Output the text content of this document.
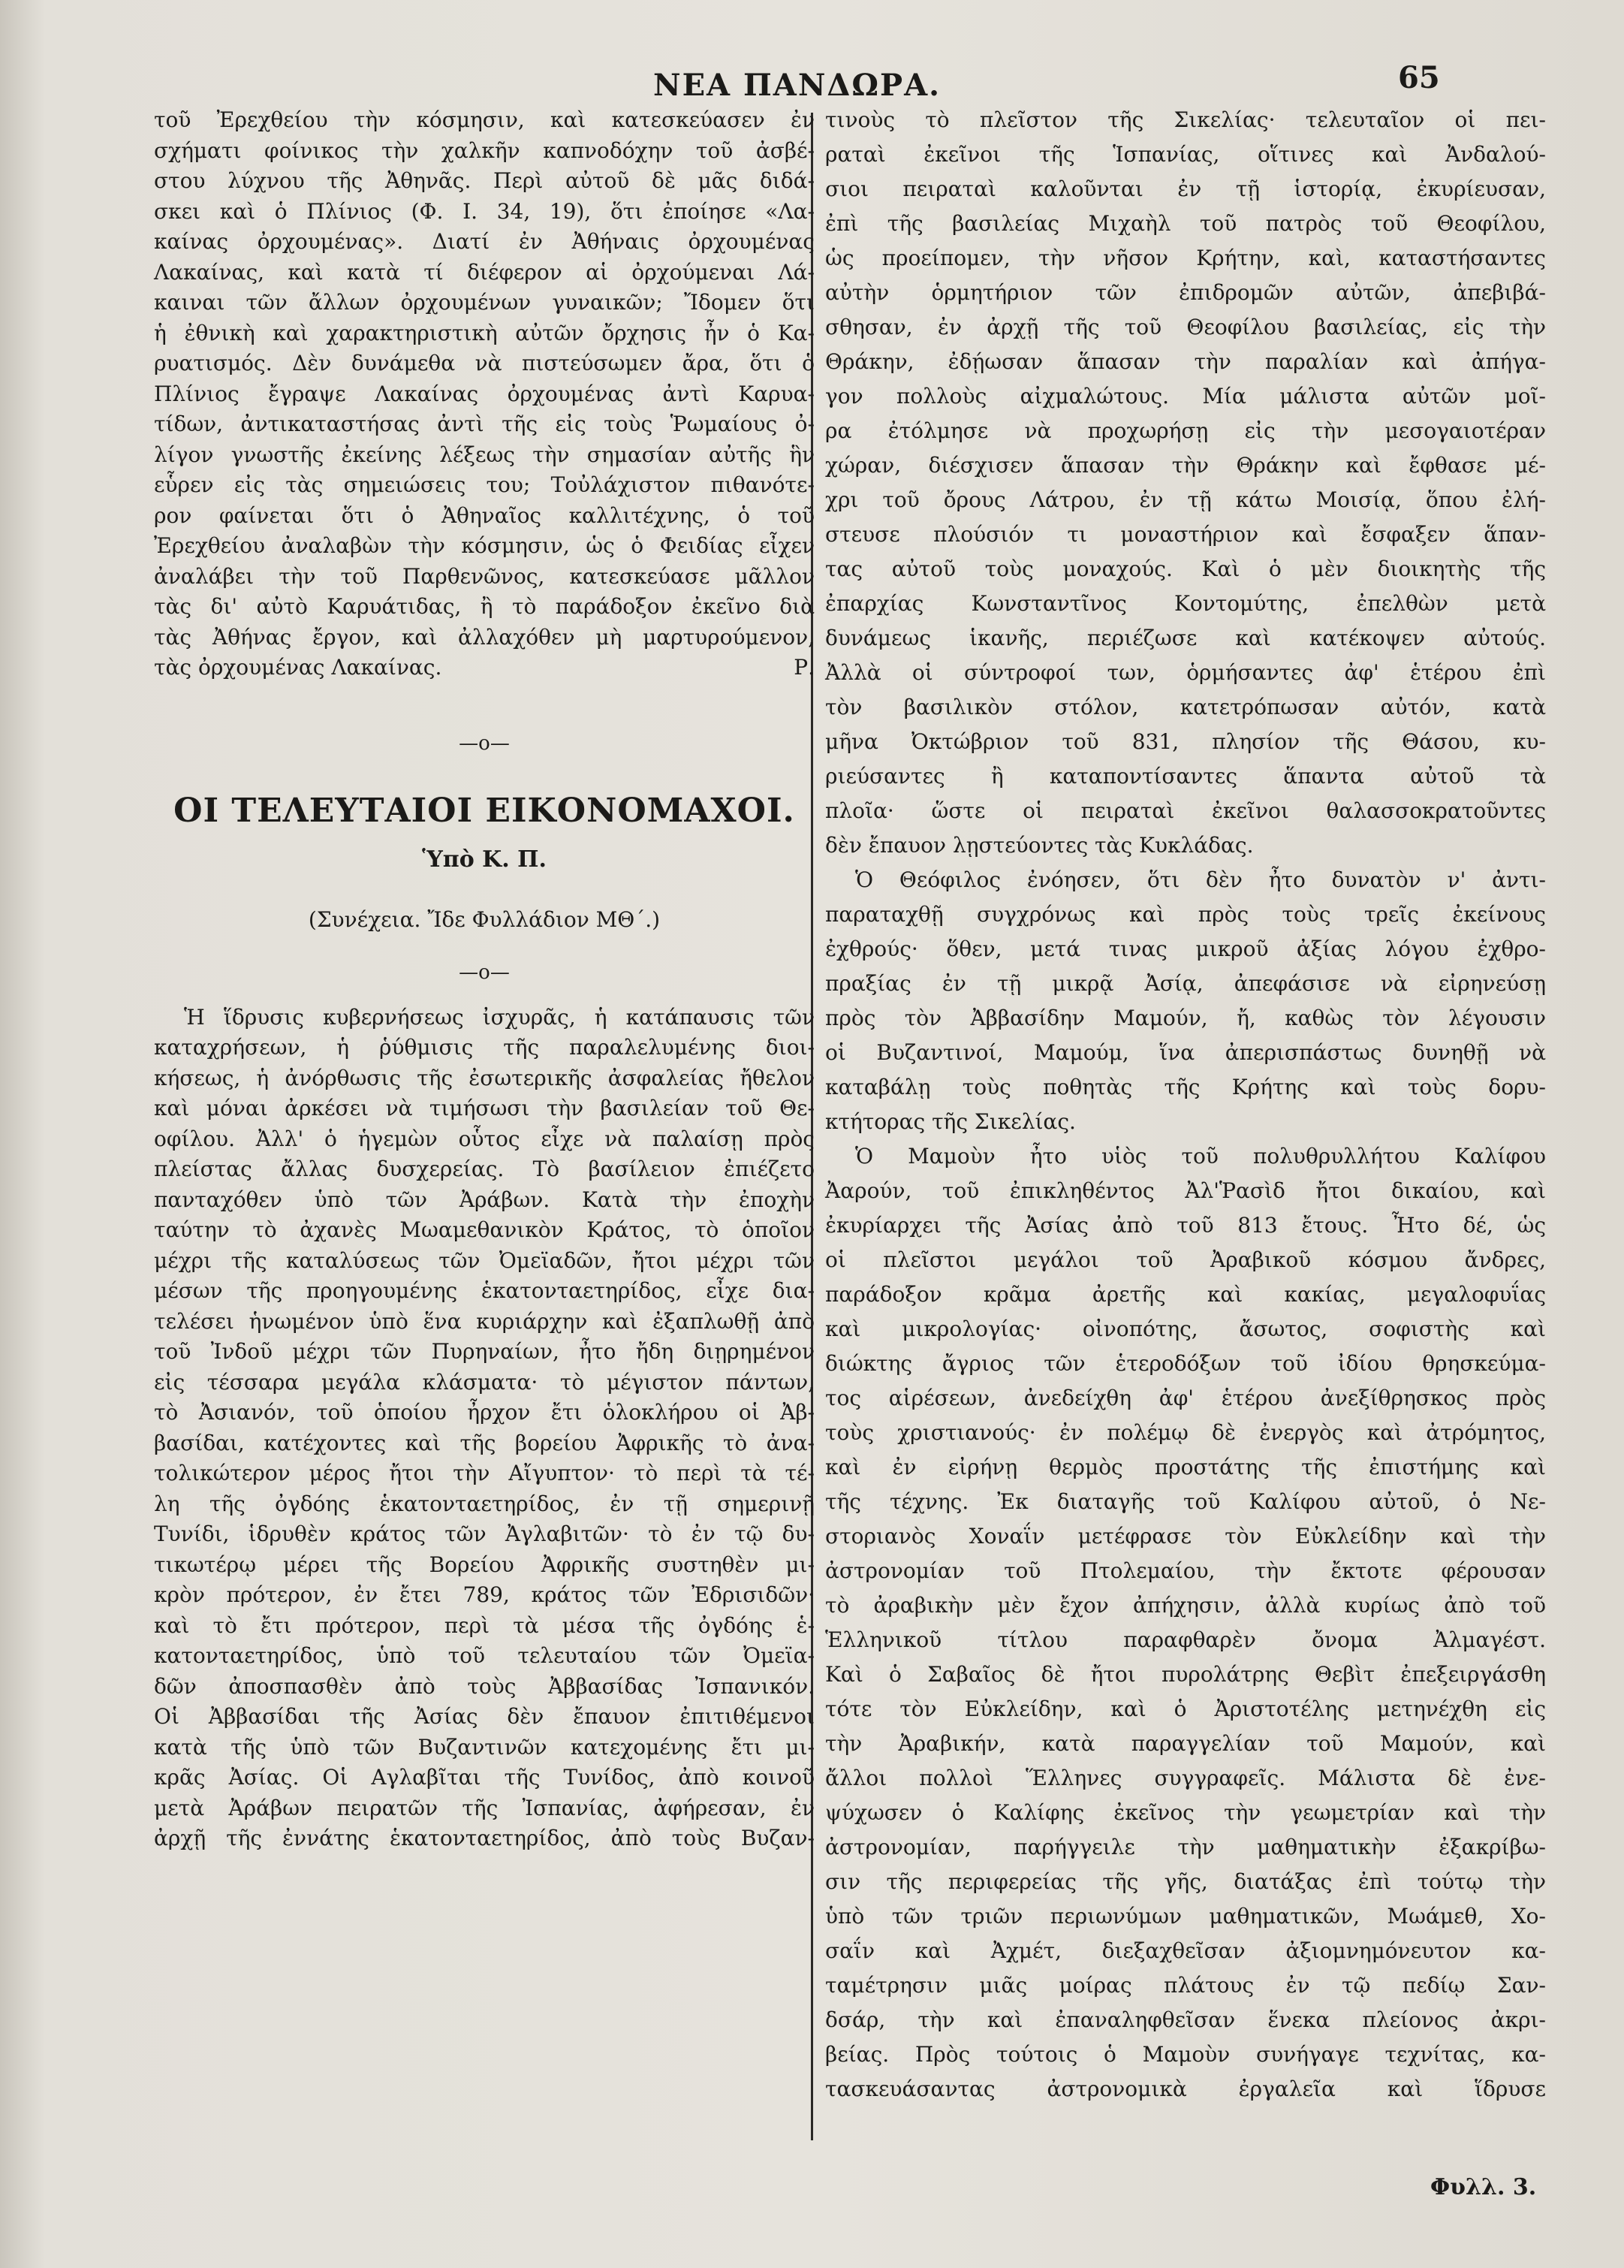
ΝΕΑ ΠΑΝΔΩΡΑ.	65
τοῦ Ἐρεχθείου τὴν κόσμησιν, καὶ κατεσκεύασεν ἐν
σχήματι φοίνικος τὴν χαλκῆν καπνοδόχην τοῦ ἀσβέ-
στου λύχνου τῆς Ἀθηνᾶς. Περὶ αὐτοῦ δὲ μᾶς διδά-
σκει καὶ ὁ Πλίνιος (Φ. Ι. 34, 19), ὅτι ἐποίησε «Λα-
καίνας ὀρχουμένας». Διατί ἐν Ἀθήναις ὀρχουμένας
Λακαίνας, καὶ κατὰ τί διέφερον αἱ ὀρχούμεναι Λά-
καιναι τῶν ἄλλων ὀρχουμένων γυναικῶν; Ἴδομεν ὅτι
ἡ ἐθνικὴ καὶ χαρακτηριστικὴ αὐτῶν ὄρχησις ἦν ὁ Κα-
ρυατισμός. Δὲν δυνάμεθα νὰ πιστεύσωμεν ἄρα, ὅτι ὁ
Πλίνιος ἔγραψε Λακαίνας ὀρχουμένας ἀντὶ Καρυα-
τίδων, ἀντικαταστήσας ἀντὶ τῆς εἰς τοὺς Ῥωμαίους ὀ-
λίγον γνωστῆς ἐκείνης λέξεως τὴν σημασίαν αὐτῆς ἣν
εὗρεν εἰς τὰς σημειώσεις του; Τοὐλάχιστον πιθανότε-
ρον φαίνεται ὅτι ὁ Ἀθηναῖος καλλιτέχνης, ὁ τοῦ
Ἐρεχθείου ἀναλαβὼν τὴν κόσμησιν, ὡς ὁ Φειδίας εἶχεν
ἀναλάβει τὴν τοῦ Παρθενῶνος, κατεσκεύασε μᾶλλον
τὰς δι' αὐτὸ Καρυάτιδας, ἢ τὸ παράδοξον ἐκεῖνο διὰ
τὰς Ἀθήνας ἔργον, καὶ ἀλλαχόθεν μὴ μαρτυρούμενον,
τὰς ὀρχουμένας Λακαίνας.	Ρ.
—ο—
ΟΙ ΤΕΛΕΥΤΑΙΟΙ ΕΙΚΟΝΟΜΑΧΟΙ.
Ὑπὸ Κ. Π.
(Συνέχεια. Ἴδε Φυλλάδιον ΜΘ΄.)
—ο—
Ἡ ἵδρυσις κυβερνήσεως ἰσχυρᾶς, ἡ κατάπαυσις τῶν
καταχρήσεων, ἡ ῥύθμισις τῆς παραλελυμένης διοι-
κήσεως, ἡ ἀνόρθωσις τῆς ἐσωτερικῆς ἀσφαλείας ἤθελον
καὶ μόναι ἀρκέσει νὰ τιμήσωσι τὴν βασιλείαν τοῦ Θε-
οφίλου. Ἀλλ' ὁ ἡγεμὼν οὗτος εἶχε νὰ παλαίσῃ πρὸς
πλείστας ἄλλας δυσχερείας. Τὸ βασίλειον ἐπιέζετο
πανταχόθεν ὑπὸ τῶν Ἀράβων. Κατὰ τὴν ἐποχὴν
ταύτην τὸ ἀχανὲς Μωαμεθανικὸν Κράτος, τὸ ὁποῖον
μέχρι τῆς καταλύσεως τῶν Ὀμεϊαδῶν, ἤτοι μέχρι τῶν
μέσων τῆς προηγουμένης ἑκατονταετηρίδος, εἶχε δια-
τελέσει ἡνωμένον ὑπὸ ἕνα κυριάρχην καὶ ἐξαπλωθῇ ἀπὸ
τοῦ Ἰνδοῦ μέχρι τῶν Πυρηναίων, ἦτο ἤδη διῃρημένον
εἰς τέσσαρα μεγάλα κλάσματα· τὸ μέγιστον πάντων,
τὸ Ἀσιανόν, τοῦ ὁποίου ἦρχον ἔτι ὁλοκλήρου οἱ Ἀβ-
βασίδαι, κατέχοντες καὶ τῆς βορείου Ἀφρικῆς τὸ ἀνα-
τολικώτερον μέρος ἤτοι τὴν Αἴγυπτον· τὸ περὶ τὰ τέ-
λη τῆς ὀγδόης ἑκατονταετηρίδος, ἐν τῇ σημερινῇ
Τυνίδι, ἱδρυθὲν κράτος τῶν Ἀγλαβιτῶν· τὸ ἐν τῷ δυ-
τικωτέρῳ μέρει τῆς Βορείου Ἀφρικῆς συστηθὲν μι-
κρὸν πρότερον, ἐν ἔτει 789, κράτος τῶν Ἐδρισιδῶν·
καὶ τὸ ἔτι πρότερον, περὶ τὰ μέσα τῆς ὀγδόης ἑ-
κατονταετηρίδος, ὑπὸ τοῦ τελευταίου τῶν Ὀμεϊα-
δῶν ἀποσπασθὲν ἀπὸ τοὺς Ἀββασίδας Ἰσπανικόν.
Οἱ Ἀββασίδαι τῆς Ἀσίας δὲν ἔπαυον ἐπιτιθέμενοι
κατὰ τῆς ὑπὸ τῶν Βυζαντινῶν κατεχομένης ἔτι μι-
κρᾶς Ἀσίας. Οἱ Αγλαβῖται τῆς Τυνίδος, ἀπὸ κοινοῦ
μετὰ Ἀράβων πειρατῶν τῆς Ἰσπανίας, ἀφήρεσαν, ἐν
ἀρχῇ τῆς ἐννάτης ἑκατονταετηρίδος, ἀπὸ τοὺς Βυζαν-
τινοὺς τὸ πλεῖστον τῆς Σικελίας· τελευταῖον οἱ πει-
ραταὶ ἐκεῖνοι τῆς Ἱσπανίας, οἵτινες καὶ Ἀνδαλού-
σιοι πειραταὶ καλοῦνται ἐν τῇ ἱστορίᾳ, ἐκυρίευσαν,
ἐπὶ τῆς βασιλείας Μιχαὴλ τοῦ πατρὸς τοῦ Θεοφίλου,
ὡς προείπομεν, τὴν νῆσον Κρήτην, καὶ, καταστήσαντες
αὐτὴν ὁρμητήριον τῶν ἐπιδρομῶν αὐτῶν, ἀπεβιβά-
σθησαν, ἐν ἀρχῇ τῆς τοῦ Θεοφίλου βασιλείας, εἰς τὴν
Θράκην, ἐδῄωσαν ἅπασαν τὴν παραλίαν καὶ ἀπήγα-
γον πολλοὺς αἰχμαλώτους. Μία μάλιστα αὐτῶν μοῖ-
ρα ἐτόλμησε νὰ προχωρήσῃ εἰς τὴν μεσογαιοτέραν
χώραν, διέσχισεν ἅπασαν τὴν Θράκην καὶ ἔφθασε μέ-
χρι τοῦ ὄρους Λάτρου, ἐν τῇ κάτω Μοισίᾳ, ὅπου ἐλή-
στευσε πλούσιόν τι μοναστήριον καὶ ἔσφαξεν ἅπαν-
τας αὐτοῦ τοὺς μοναχούς. Καὶ ὁ μὲν διοικητὴς τῆς
ἐπαρχίας Κωνσταντῖνος Κοντομύτης, ἐπελθὼν μετὰ
δυνάμεως ἱκανῆς, περιέζωσε καὶ κατέκοψεν αὐτούς.
Ἀλλὰ οἱ σύντροφοί των, ὁρμήσαντες ἀφ' ἑτέρου ἐπὶ
τὸν βασιλικὸν στόλον, κατετρόπωσαν αὐτόν, κατὰ
μῆνα Ὀκτώβριον τοῦ 831, πλησίον τῆς Θάσου, κυ-
ριεύσαντες ἢ καταποντίσαντες ἅπαντα αὐτοῦ τὰ
πλοῖα· ὥστε οἱ πειραταὶ ἐκεῖνοι θαλασσοκρατοῦντες
δὲν ἔπαυον λῃστεύοντες τὰς Κυκλάδας.
Ὁ Θεόφιλος ἐνόησεν, ὅτι δὲν ἦτο δυνατὸν ν' ἀντι-
παραταχθῇ συγχρόνως καὶ πρὸς τοὺς τρεῖς ἐκείνους
ἐχθρούς· ὅθεν, μετά τινας μικροῦ ἀξίας λόγου ἐχθρο-
πραξίας ἐν τῇ μικρᾷ Ἀσίᾳ, ἀπεφάσισε νὰ εἰρηνεύσῃ
πρὸς τὸν Ἀββασίδην Μαμούν, ἤ, καθὼς τὸν λέγουσιν
οἱ Βυζαντινοί, Μαμούμ, ἵνα ἀπερισπάστως δυνηθῇ νὰ
καταβάλῃ τοὺς ποθητὰς τῆς Κρήτης καὶ τοὺς δορυ-
κτήτορας τῆς Σικελίας.
Ὁ Μαμοὺν ἦτο υἱὸς τοῦ πολυθρυλλήτου Καλίφου
Ἀαρούν, τοῦ ἐπικληθέντος Ἀλ'Ῥασὶδ ἤτοι δικαίου, καὶ
ἐκυρίαρχει τῆς Ἀσίας ἀπὸ τοῦ 813 ἔτους. Ἦτο δέ, ὡς
οἱ πλεῖστοι μεγάλοι τοῦ Ἀραβικοῦ κόσμου ἄνδρες,
παράδοξον κρᾶμα ἀρετῆς καὶ κακίας, μεγαλοφυΐας
καὶ μικρολογίας· οἰνοπότης, ἄσωτος, σοφιστὴς καὶ
διώκτης ἄγριος τῶν ἑτεροδόξων τοῦ ἰδίου θρησκεύμα-
τος αἱρέσεων, ἀνεδείχθη ἀφ' ἑτέρου ἀνεξίθρησκος πρὸς
τοὺς χριστιανούς· ἐν πολέμῳ δὲ ἐνεργὸς καὶ ἀτρόμητος,
καὶ ἐν εἰρήνῃ θερμὸς προστάτης τῆς ἐπιστήμης καὶ
τῆς τέχνης. Ἐκ διαταγῆς τοῦ Καλίφου αὐτοῦ, ὁ Νε-
στοριανὸς Χοναΐν μετέφρασε τὸν Εὐκλείδην καὶ τὴν
ἀστρονομίαν τοῦ Πτολεμαίου, τὴν ἔκτοτε φέρουσαν
τὸ ἀραβικὴν μὲν ἔχον ἀπήχησιν, ἀλλὰ κυρίως ἀπὸ τοῦ
Ἑλληνικοῦ τίτλου παραφθαρὲν ὄνομα Ἀλμαγέστ.
Καὶ ὁ Σαβαῖος δὲ ἤτοι πυρολάτρης Θεβὶτ ἐπεξειργάσθη
τότε τὸν Εὐκλείδην, καὶ ὁ Ἀριστοτέλης μετηνέχθη εἰς
τὴν Ἀραβικήν, κατὰ παραγγελίαν τοῦ Μαμούν, καὶ
ἄλλοι πολλοὶ Ἕλληνες συγγραφεῖς. Μάλιστα δὲ ἐνε-
ψύχωσεν ὁ Καλίφης ἐκεῖνος τὴν γεωμετρίαν καὶ τὴν
ἀστρονομίαν, παρήγγειλε τὴν μαθηματικὴν ἐξακρίβω-
σιν τῆς περιφερείας τῆς γῆς, διατάξας ἐπὶ τούτῳ τὴν
ὑπὸ τῶν τριῶν περιωνύμων μαθηματικῶν, Μωάμεθ, Χο-
σαΐν καὶ Ἀχμέτ, διεξαχθεῖσαν ἀξιομνημόνευτον κα-
ταμέτρησιν μιᾶς μοίρας πλάτους ἐν τῷ πεδίῳ Σαν-
δσάρ, τὴν καὶ ἐπαναληφθεῖσαν ἕνεκα πλείονος ἀκρι-
βείας. Πρὸς τούτοις ὁ Μαμοὺν συνήγαγε τεχνίτας, κα-
τασκευάσαντας ἀστρονομικὰ ἐργαλεῖα καὶ ἵδρυσε
Φυλλ. 3.
